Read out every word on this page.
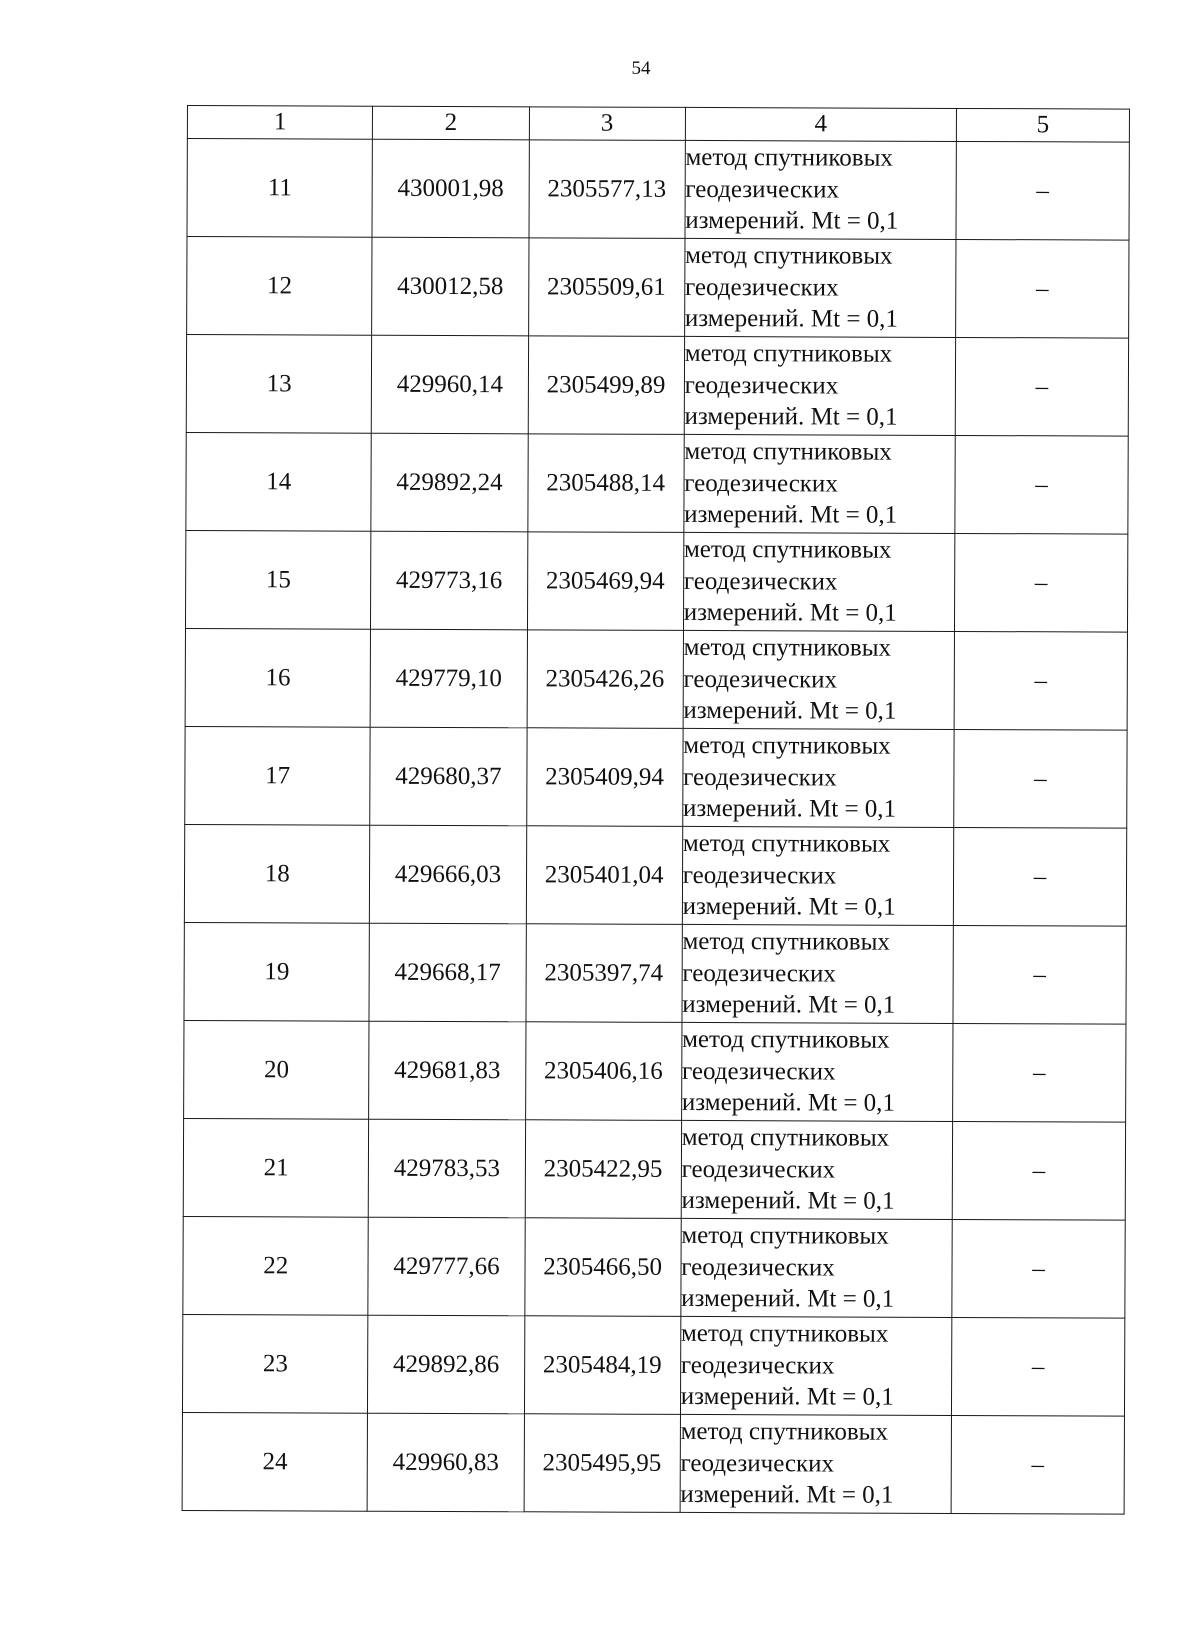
54
1	2	3	4	5
11	430001,98	2305577,13	метод спутниковых
геодезических
измерений. Mt = 0,1	–
12	430012,58	2305509,61	метод спутниковых
геодезических
измерений. Mt = 0,1	–
13	429960,14	2305499,89	метод спутниковых
геодезических
измерений. Mt = 0,1	–
14	429892,24	2305488,14	метод спутниковых
геодезических
измерений. Mt = 0,1	–
15	429773,16	2305469,94	метод спутниковых
геодезических
измерений. Mt = 0,1	–
16	429779,10	2305426,26	метод спутниковых
геодезических
измерений. Mt = 0,1	–
17	429680,37	2305409,94	метод спутниковых
геодезических
измерений. Mt = 0,1	–
18	429666,03	2305401,04	метод спутниковых
геодезических
измерений. Mt = 0,1	–
19	429668,17	2305397,74	метод спутниковых
геодезических
измерений. Mt = 0,1	–
20	429681,83	2305406,16	метод спутниковых
геодезических
измерений. Mt = 0,1	–
21	429783,53	2305422,95	метод спутниковых
геодезических
измерений. Mt = 0,1	–
22	429777,66	2305466,50	метод спутниковых
геодезических
измерений. Mt = 0,1	–
23	429892,86	2305484,19	метод спутниковых
геодезических
измерений. Mt = 0,1	–
24	429960,83	2305495,95	метод спутниковых
геодезических
измерений. Mt = 0,1	–
